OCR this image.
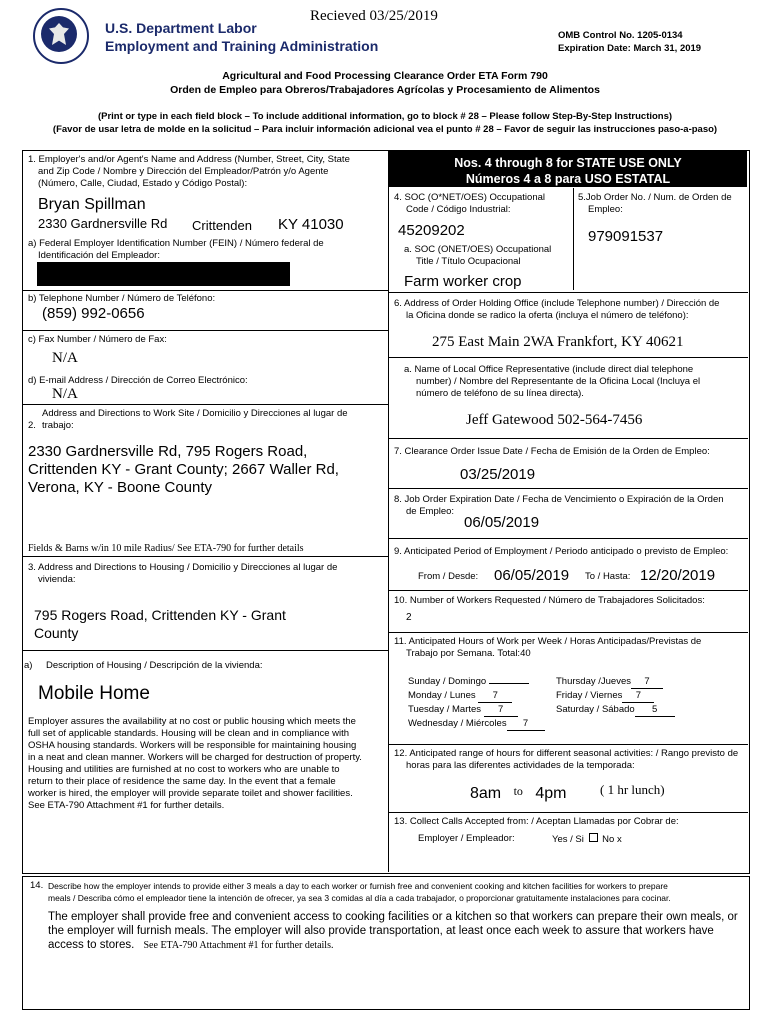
U.S. Department Labor
Employment and Training Administration
Recieved 03/25/2019
OMB Control No. 1205-0134
Expiration Date: March 31, 2019
Agricultural and Food Processing Clearance Order ETA Form 790
Orden de Empleo para Obreros/Trabajadores Agrícolas y Procesamiento de Alimentos
(Print or type in each field block – To include additional information, go to block # 28 – Please follow Step-By-Step Instructions)
(Favor de usar letra de molde en la solicitud – Para incluir información adicional vea el punto # 28 – Favor de seguir las instrucciones paso-a-paso)
1. Employer's and/or Agent's Name and Address (Number, Street, City, State
and Zip Code / Nombre y Dirección del Empleador/Patrón y/o Agente
(Número, Calle, Ciudad, Estado y Código Postal):
Bryan Spillman
2330 Gardnersville Rd Crittenden KY 41030
a) Federal Employer Identification Number (FEIN) / Número federal de
Identificación del Empleador:
b) Telephone Number / Número de Teléfono:
(859) 992-0656
c) Fax Number / Número de Fax:
N/A
d) E-mail Address / Dirección de Correo Electrónico:
N/A
Address and Directions to Work Site / Domicilio y Direcciones al lugar de
2. trabajo:
2330 Gardnersville Rd, 795 Rogers Road, Crittenden KY - Grant County; 2667 Waller Rd, Verona, KY - Boone County
Fields & Barns w/in 10 mile Radius/ See ETA-790 for further details
3. Address and Directions to Housing / Domicilio y Direcciones al lugar de
vivienda:
795 Rogers Road, Crittenden KY - Grant County
a) Description of Housing / Descripción de la vivienda:
Mobile Home
Employer assures the availability at no cost or public housing which meets the full set of applicable standards. Housing will be clean and in compliance with OSHA housing standards. Workers will be responsible for maintaining housing in a neat and clean manner. Workers will be charged for destruction of property. Housing and utilities are furnished at no cost to workers who are unable to return to their place of residence the same day. In the event that a female worker is hired, the employer will provide separate toilet and shower facilities.
See ETA-790 Attachment #1 for further details.
Nos. 4 through 8 for STATE USE ONLY
Números 4 a 8 para USO ESTATAL
4. SOC (O*NET/OES) Occupational
Code / Código Industrial:
45209202
5.Job Order No. / Num. de Orden de
Empleo:
979091537
a. SOC (ONET/OES) Occupational
Title / Título Ocupacional
Farm worker crop
6. Address of Order Holding Office (include Telephone number) / Dirección de
la Oficina donde se radico la oferta (incluya el número de teléfono):
275 East Main 2WA Frankfort, KY 40621
a. Name of Local Office Representative (include direct dial telephone
number) / Nombre del Representante de la Oficina Local (Incluya el
número de teléfono de su línea directa).
Jeff Gatewood 502-564-7456
7. Clearance Order Issue Date / Fecha de Emisión de la Orden de Empleo:
03/25/2019
8. Job Order Expiration Date / Fecha de Vencimiento o Expiración de la Orden
de Empleo:
06/05/2019
9. Anticipated Period of Employment / Periodo anticipado o previsto de Empleo:
From / Desde: 06/05/2019 To / Hasta: 12/20/2019
10. Number of Workers Requested / Número de Trabajadores Solicitados:
2
11. Anticipated Hours of Work per Week / Horas Anticipadas/Previstas de
Trabajo por Semana. Total:40
Sunday / Domingo
Monday / Lunes 7
Tuesday / Martes 7
Wednesday / Miércoles 7
Thursday /Jueves 7
Friday / Viernes 7
Saturday / Sábado 5
12. Anticipated range of hours for different seasonal activities: / Rango previsto de
horas para las diferentes actividades de la temporada:
8am to 4pm	( 1 hr lunch)
13. Collect Calls Accepted from: / Aceptan Llamadas por Cobrar de:
Employer / Empleador:	Yes / Si No x
14. Describe how the employer intends to provide either 3 meals a day to each worker or furnish free and convenient cooking and kitchen facilities for workers to prepare
meals / Describa cómo el empleador tiene la intención de ofrecer, ya sea 3 comidas al día a cada trabajador, o proporcionar gratuitamente instalaciones para cocinar.
The employer shall provide free and convenient access to cooking facilities or a kitchen so that workers can prepare their own meals, or the employer will furnish meals. The employer will also provide transportation, at least once each week to assure that workers have access to stores. See ETA-790 Attachment #1 for further details.
